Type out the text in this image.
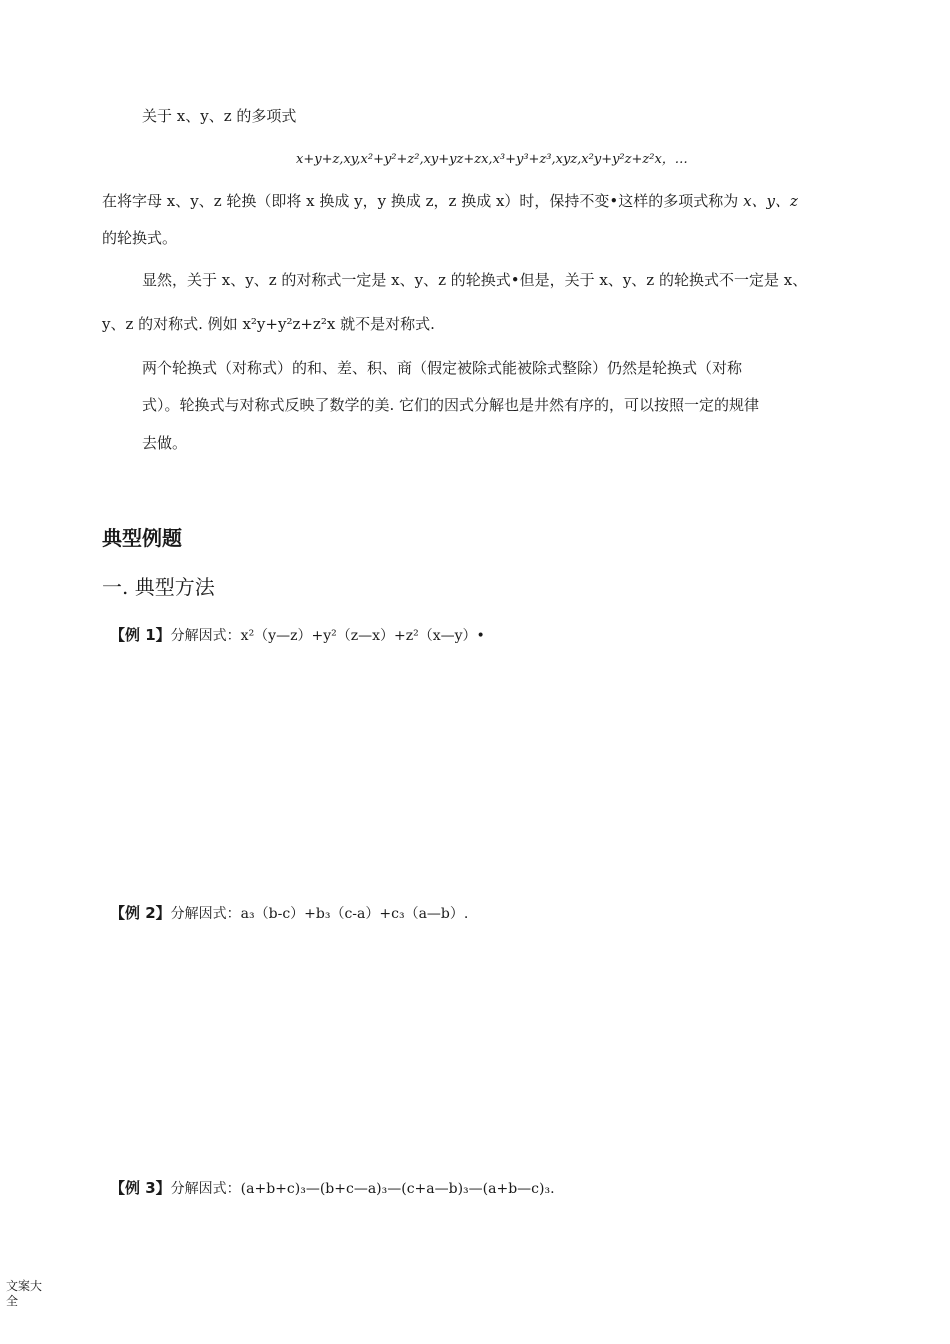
关于 x、y、z 的多项式
x+y+z,xy,x²+y²+z²,xy+yz+zx,x³+y³+z³,xyz,x²y+y²z+z²x，…
在将字母 x、y、z 轮换（即将 x 换成 y，y 换成 z，z 换成 x）时，保持不变•这样的多项式称为 x、y、z
的轮换式。
显然，关于 x、y、z 的对称式一定是 x、y、z 的轮换式•但是，关于 x、y、z 的轮换式不一定是 x、
y、z 的对称式. 例如 x²y+y²z+z²x 就不是对称式.
两个轮换式（对称式）的和、差、积、商（假定被除式能被除式整除）仍然是轮换式（对称
式）。轮换式与对称式反映了数学的美. 它们的因式分解也是井然有序的，可以按照一定的规律
去做。
典型例题
一. 典型方法
【例 1】分解因式：x²（y—z）+y²（z—x）+z²（x—y）•
【例 2】分解因式：a₃（b-c）+b₃（c-a）+c₃（a—b）.
【例 3】分解因式：(a+b+c)₃—(b+c—a)₃—(c+a—b)₃—(a+b—c)₃.
文案大全
